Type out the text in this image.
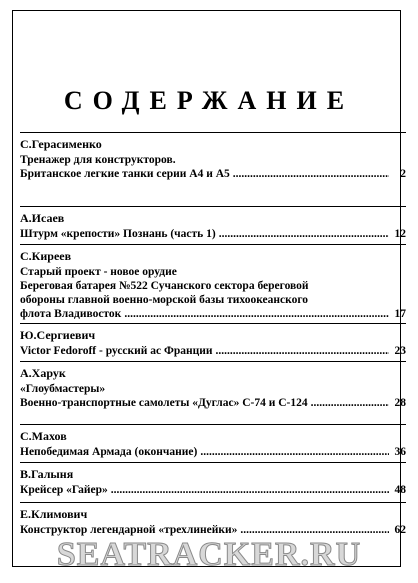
СОДЕРЖАНИЕ
С.Герасименко
Тренажер для конструкторов.
Британское легкие танки серии А4 и А5 .....	2
А.Исаев
Штурм «крепости» Познань (часть 1) .....	12
С.Киреев
Старый проект - новое орудие
Береговая батарея №522 Сучанского сектора береговой
обороны главной военно-морской базы тихоокеанского
флота Владивосток .....	17
Ю.Сергиевич
Victor Fedoroff - русский ас Франции .....	23
А.Харук
«Глоубмастеры»
Военно-транспортные самолеты «Дуглас» С-74 и С-124 .....	28
С.Махов
Непобедимая Армада (окончание) .....	36
В.Галыня
Крейсер «Гайер» .....	48
Е.Климович
Конструктор легендарной «трехлинейки» .....	62
SEATRACKER.RU
